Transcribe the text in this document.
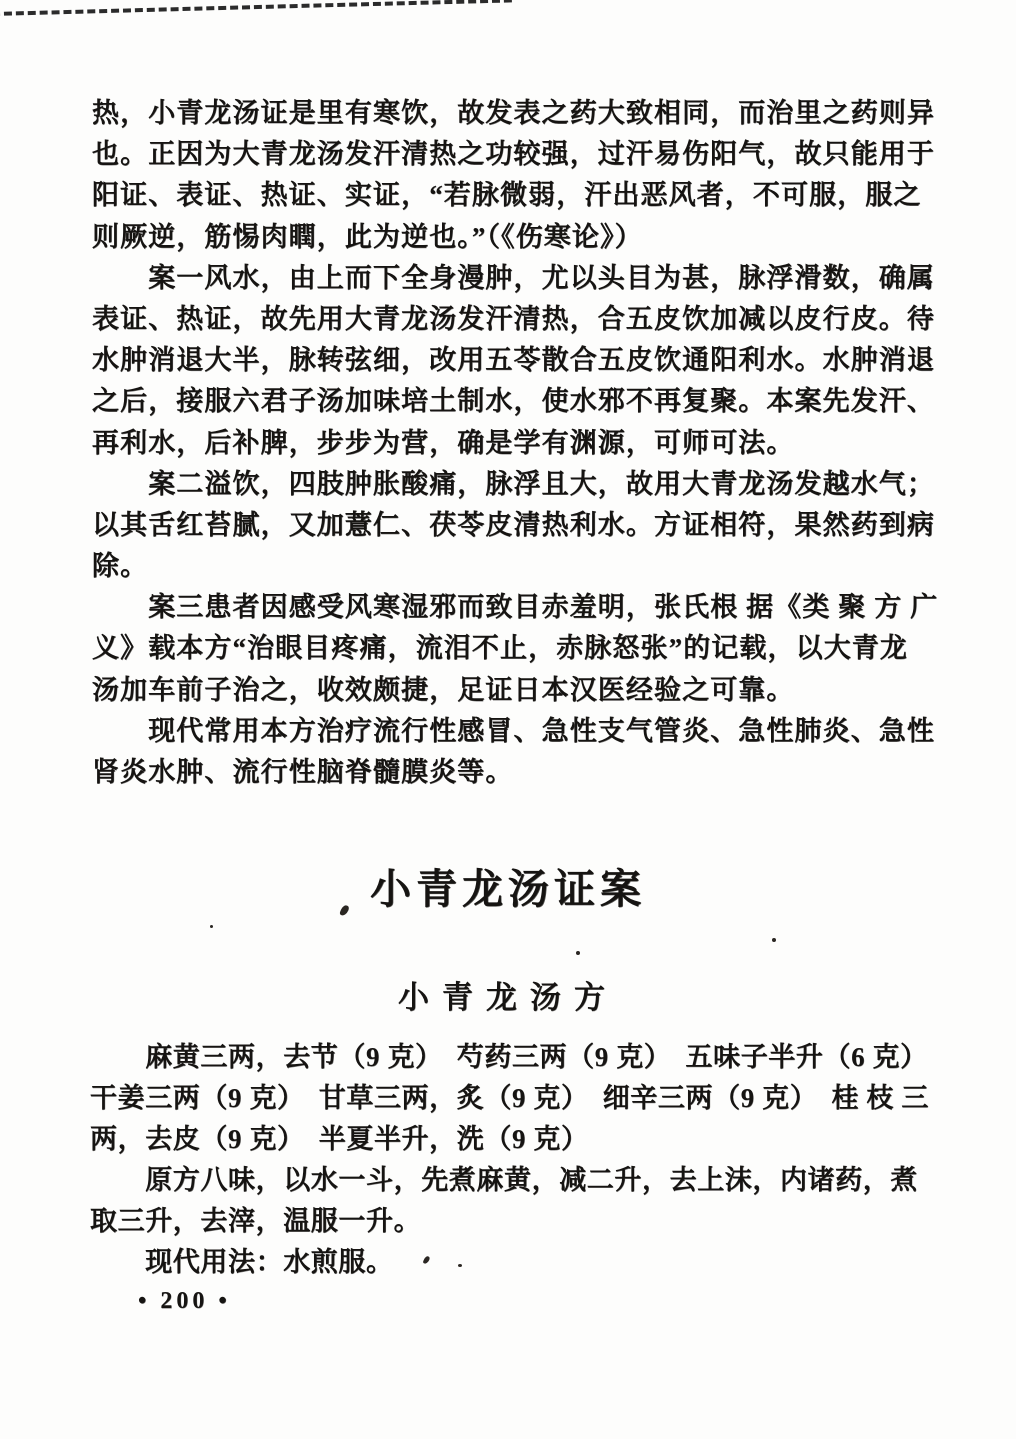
热，小青龙汤证是里有寒饮，故发表之药大致相同，而治里之药则异
也。正因为大青龙汤发汗清热之功较强，过汗易伤阳气，故只能用于
阳证、表证、热证、实证，“若脉微弱，汗出恶风者，不可服，服之
则厥逆，筋惕肉瞤，此为逆也。”（《伤寒论》）
　　案一风水，由上而下全身漫肿，尤以头目为甚，脉浮滑数，确属
表证、热证，故先用大青龙汤发汗清热，合五皮饮加减以皮行皮。待
水肿消退大半，脉转弦细，改用五苓散合五皮饮通阳利水。水肿消退
之后，接服六君子汤加味培土制水，使水邪不再复聚。本案先发汗、
再利水，后补脾，步步为营，确是学有渊源，可师可法。
　　案二溢饮，四肢肿胀酸痛，脉浮且大，故用大青龙汤发越水气；
以其舌红苔腻，又加薏仁、茯苓皮清热利水。方证相符，果然药到病
除。
　　案三患者因感受风寒湿邪而致目赤羞明，张氏根 据《类 聚 方 广
义》载本方“治眼目疼痛，流泪不止，赤脉怒张”的记载，以大青龙
汤加车前子治之，收效颇捷，足证日本汉医经验之可靠。
　　现代常用本方治疗流行性感冒、急性支气管炎、急性肺炎、急性
肾炎水肿、流行性脑脊髓膜炎等。
小青龙汤证案
小青龙汤方
　　麻黄三两，去节（9 克）　芍药三两（9 克）　五味子半升（6 克）
干姜三两（9 克）　甘草三两，炙（9 克）　细辛三两（9 克）　桂 枝 三
两，去皮（9 克）　半夏半升，洗（9 克）
　　原方八味，以水一斗，先煮麻黄，减二升，去上沫，内诸药，煮
取三升，去滓，温服一升。
　　现代用法：水煎服。
• 200 •
